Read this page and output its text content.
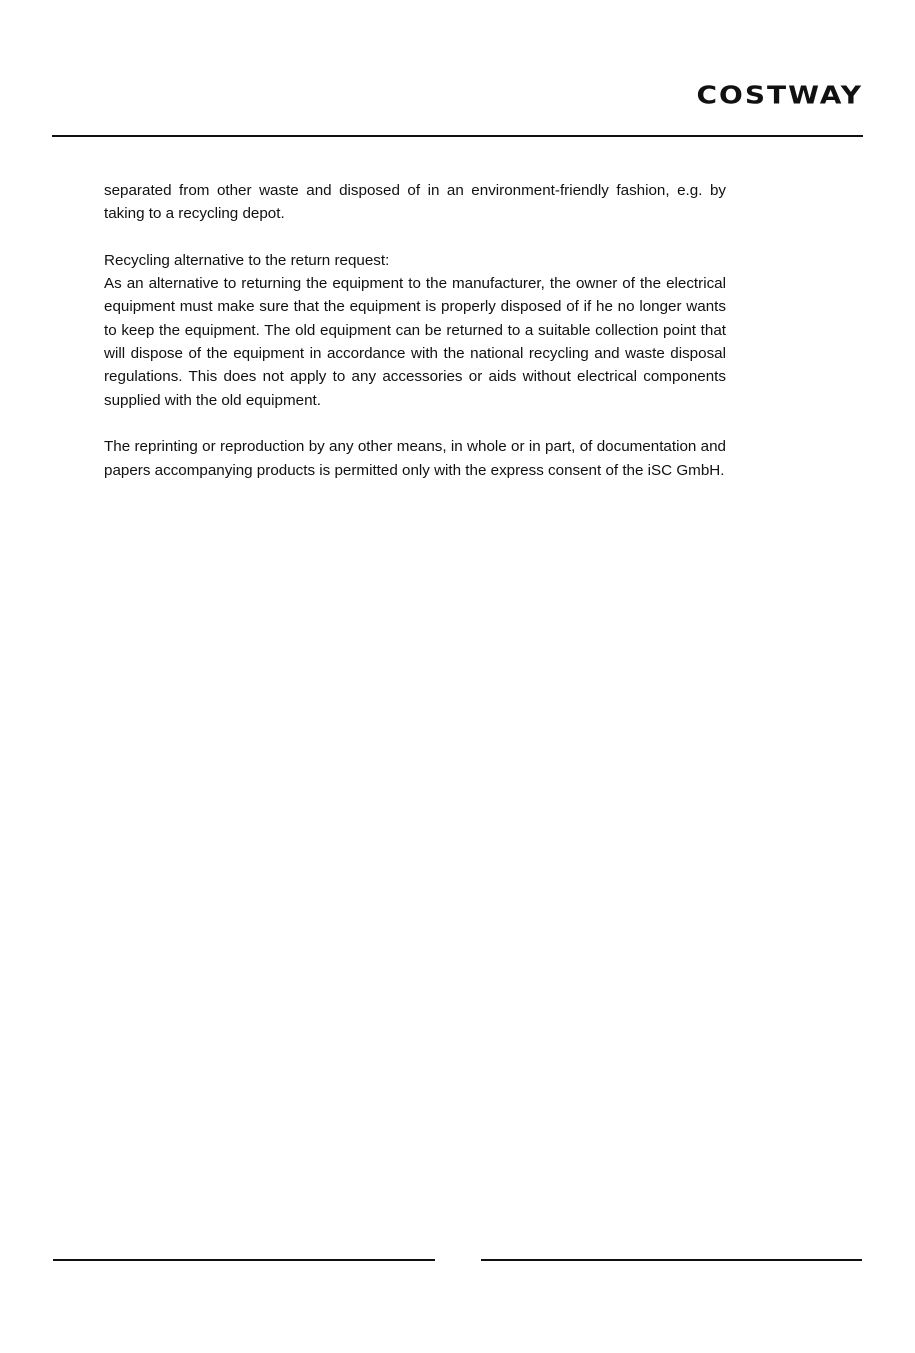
COSTWAY

separated from other waste and disposed of in an environment-friendly fashion, e.g. by taking to a recycling depot.

Recycling alternative to the return request:
As an alternative to returning the equipment to the manufacturer, the owner of the electrical equipment must make sure that the equipment is properly disposed of if he no longer wants to keep the equipment. The old equipment can be returned to a suitable collection point that will dispose of the equipment in accordance with the national recycling and waste disposal regulations. This does not apply to any accessories or aids without electrical components supplied with the old equipment.

The reprinting or reproduction by any other means, in whole or in part, of documentation and papers accompanying products is permitted only with the express consent of the iSC GmbH.
